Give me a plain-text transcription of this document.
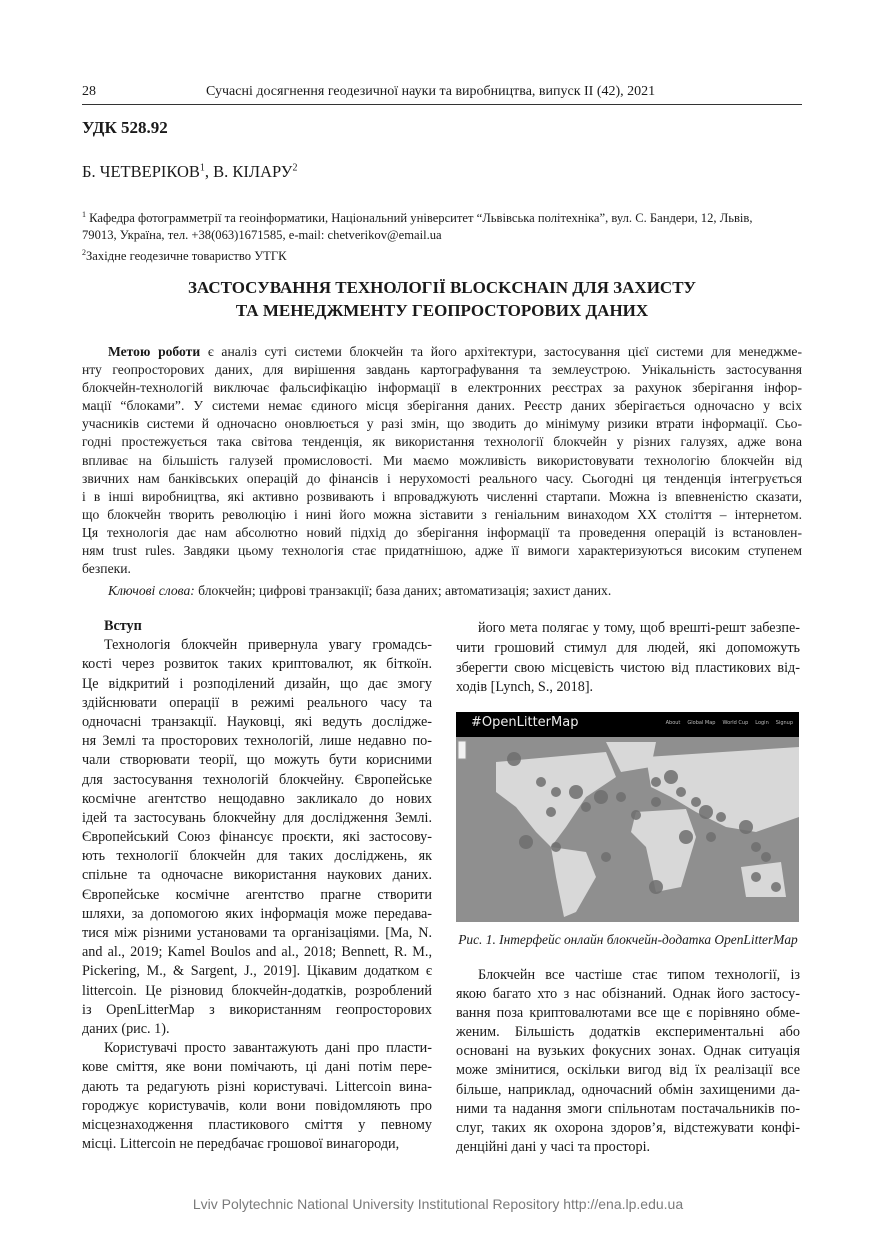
28	Сучасні досягнення геодезичної науки та виробництва, випуск II (42), 2021
УДК 528.92
Б. ЧЕТВЕРІКОВ$^1$, В. КІЛАРУ$^2$
$^1$ Кафедра фотограмметрії та геоінформатики, Національний університет “Львівська політехніка”, вул. С. Бандери, 12, Львів,
79013, Україна, тел. +38(063)1671585, e-mail: chetverikov@email.ua
$^2$Західне геодезичне товариство УТГК
ЗАСТОСУВАННЯ ТЕХНОЛОГІЇ BLOCKCHAIN ДЛЯ ЗАХИСТУ
ТА МЕНЕДЖМЕНТУ ГЕОПРОСТОРОВИХ ДАНИХ
Метою роботи є аналіз суті системи блокчейн та його архітектури, застосування цієї системи для менеджме-
нту геопросторових даних, для вирішення завдань картографування та землеустрою. Унікальність застосування
блокчейн-технологій виключає фальсифікацію інформації в електронних реєстрах за рахунок зберігання інфор-
мації “блоками”. У системи немає єдиного місця зберігання даних. Реєстр даних зберігається одночасно у всіх
учасників системи й одночасно оновлюється у разі змін, що зводить до мінімуму ризики втрати інформації. Сьо-
годні простежується така світова тенденція, як використання технології блокчейн у різних галузях, адже вона
впливає на більшість галузей промисловості. Ми маємо можливість використовувати технологію блокчейн від
звичних нам банківських операцій до фінансів і нерухомості реального часу. Сьогодні ця тенденція інтегрується
і в інші виробництва, які активно розвивають і впроваджують численні стартапи. Можна із впевненістю сказати,
що блокчейн творить революцію і нині його можна зіставити з геніальним винаходом XX століття – інтернетом.
Ця технологія дає нам абсолютно новий підхід до зберігання інформації та проведення операцій із встановлен-
ням trust rules. Завдяки цьому технологія стає придатнішою, адже її вимоги характеризуються високим ступенем
безпеки.
Ключові слова: блокчейн; цифрові транзакції; база даних; автоматизація; захист даних.
Вступ
Технологія блокчейн привернула увагу громадсь-
кості через розвиток таких криптовалют, як біткоїн.
Це відкритий і розподілений дизайн, що дає змогу
здійснювати операції в режимі реального часу та
одночасні транзакції. Науковці, які ведуть дослідже-
ня Землі та просторових технологій, лише недавно по-
чали створювати теорії, що можуть бути корисними
для застосування технологій блокчейну. Європейське
космічне агентство нещодавно закликало до нових
ідей та застосувань блокчейну для дослідження Землі.
Європейський Союз фінансує проєкти, які застосову-
ють технології блокчейн для таких досліджень, як
спільне та одночасне використання наукових даних.
Європейське космічне агентство прагне створити
шляхи, за допомогою яких інформація може передава-
тися між різними установами та організаціями. [Ma, N.
and al., 2019; Kamel Boulos and al., 2018; Bennett, R. M.,
Pickering, M., & Sargent, J., 2019]. Цікавим додатком є
littercoin. Це різновид блокчейн-додатків, розроблений
із OpenLitterMap з використанням геопросторових
даних (рис. 1).
Користувачі просто завантажують дані про пласти-
кове сміття, яке вони помічають, ці дані потім пере-
дають та редагують різні користувачі. Littercoin вина-
городжує користувачів, коли вони повідомляють про
місцезнаходження пластикового сміття у певному
місці. Littercoin не передбачає грошової винагороди,
його мета полягає у тому, щоб врешті-решт забезпе-
чити грошовий стимул для людей, які допоможуть
зберегти свою місцевість чистою від пластикових від-
ходів [Lynch, S., 2018].
#OpenLitterMap	About Global Map World Cup Login Signup
Рис. 1. Інтерфейс онлайн блокчейн-додатка OpenLitterMap
Блокчейн все частіше стає типом технології, із
якою багато хто з нас обізнаний. Однак його застосу-
вання поза криптовалютами все ще є порівняно обме-
женим. Більшість додатків експериментальні або
основані на вузьких фокусних зонах. Однак ситуація
може змінитися, оскільки вигод від їх реалізації все
більше, наприклад, одночасний обмін захищеними да-
ними та надання змоги спільнотам постачальників по-
слуг, таких як охорона здоров’я, відстежувати конфі-
денційні дані у часі та просторі.
Lviv Polytechnic National University Institutional Repository http://ena.lp.edu.ua
